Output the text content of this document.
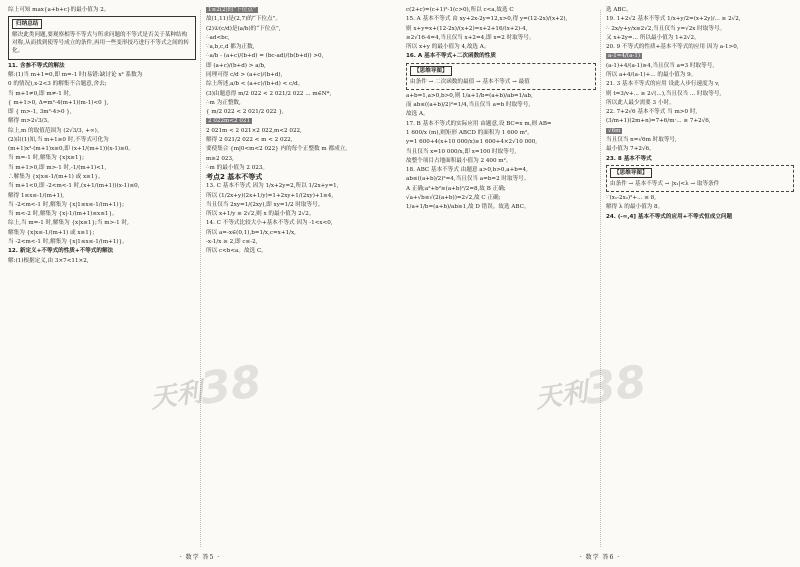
综上可知 max{a+b+c}的最小值为 2。

归纳总结

解决此类问题,要观察相等不等式与所求问题的不等式是否关于某种结构对称,从而找到使等号成立的条件,再用一些变形技巧进行不等式之间的转化。

11. 含参不等式的解法

解:(1)当 m+1=0,即 m=-1 时(易错:缺讨论 x² 系数为

0 的情况),x-2<3 的解集不合题意,舍去;

当 m+1≠0,即 m≠-1 时,

{ m+1>0, Δ=m²-4(m+1)(m-1)<0 },

即 { m>-1, 3m²-4>0 },

解得 m>2√3/3。

综上,m 的取值范围为 (2√3/3, +∞)。

(2)由(1)知,当 m+1≥0 时,不等式可化为

(m+1)x²-(m+1)x≥0,即 (x+1/(m+1))(x-1)≥0。

当 m=-1 时,解集为 {x|x≥1};

当 m+1>0,即 m>-1 时,-1/(m+1)<1,

∴解集为 {x|x≤-1/(m+1) 或 x≥1}。

当 m+1<0,即 -2<m<-1 时,(x+1/(m+1))(x-1)≤0,

解得 1≤x≤-1/(m+1),

当 -2<m<-1 时,解集为 {x|1≤x≤-1/(m+1)};

当 m<-2 时,解集为 {x|-1/(m+1)≤x≤1}。

综上,当 m=-1 时,解集为 {x|x≥1};当 m>-1 时,

解集为 {x|x≤-1/(m+1) 或 x≥1};

当 -2<m<-1 时,解集为 {x|1≤x≤-1/(m+1)}。

12. 新定义+不等式的性质+不等式的解法

解:(1)根据定义,由 3×7<11×2,

1≤2(2)的“下位点”

故(1,11)是(2,7)的“下位点”。

(2)①(c/d)是(a/b)的“下位点”,

∴ad<bc,

∵a,b,c,d 都为正数,

∴a/b - (a+c)/(b+d) = (bc-ad)/(b(b+d)) >0,

即 (a+c)/(b+d) > a/b,

同理可得 c/d > (a+c)/(b+d),

综上所述,a/b < (a+c)/(b+d) < c/d。

(3)由题意得 m/2 022 < 2 021/2 022 ... m∈N*,

∴m 为正整数,

{ m/2 022 < 2 021/2 022 },

2 022m<2 021

2 021m < 2 021×2 022,m<2 022,

解得 2 021/2 022 < m < 2 022,

要使集合 {m|0<m<2 022} 内的每个正整数 m 都成立,

m≥2 023,

∴m 的最小值为 2 023。

考点2 基本不等式

13. C 基本不等式 因为 1/x+2y=2,所以 1/2x+y=1,

所以 (1/2x+y)(2x+1/y)=1+2xy+1/(2xy)+1≥4,

当且仅当 2xy=1/(2xy),即 xy=1/2 时取等号。

所以 x+1/y ≥ 2√2,则 x 的最小值为 2√2。

14. C 不等式比较大小+基本不等式 因为 -1<x<0,

所以 a=-x∈(0,1),b=1/x,c=x+1/x,

-x-1/x ≥ 2,即 c≤-2,

所以 c<b<a。故选 C。

天利
38
· 数学 答5 ·

c(2+c)=(c+1)²-1(c>0),所以 c<a,故选 C

15. A 基本不等式 由 xy+2x-2y=12,x>0,得 y=(12-2x)/(x+2),

则 x+y=x+(12-2x)/(x+2)=x+2+16/(x+2)-4,

≥2√16-4=4,当且仅当 x+2=4,即 x=2 时取等号。

所以 x+y 的最小值为 4,故选 A。

16. A 基本不等式+二次函数的性质

【思维导图】

由条件 → 二次函数的最值 → 基本不等式 → 最值

a+b=1,a>0,b>0,则 1/a+1/b=(a+b)/ab=1/ab,

而 ab≤((a+b)/2)²=1/4,当且仅当 a=b 时取等号,

故选 A。

17. B 基本不等式的实际应用 由题意,设 BC=x m,则 AB=

1 600/x (m),则矩形 ABCD 的面积为 1 600 m²。

y=1 600+4(x+10 000/x)≥1 600+4×2√10 000,

当且仅当 x=10 000/x,即 x=100 时取等号,

故整个项目占地面积最小值为 2 400 m²。

18. ABC 基本不等式 由题意 a>0,b>0,a+b=4,

ab≤((a+b)/2)²=4,当且仅当 a=b=2 时取等号。

A 正确;a²+b²≥(a+b)²/2=8,故 B 正确;

√a+√b≤√(2(a+b))=2√2,故 C 正确;

1/a+1/b=(a+b)/ab≥1,故 D 错误。故选 ABC。

选 ABC。

19. 1+2√2 基本不等式 1/x+y/2=(x+2y)/... ≥ 2√2,

∴ 2x/y+y/x≥2√2,当且仅当 y=√2x 时取等号。

又 x+2y=... 所以最小值为 1+2√2。

20. 9 不等式的性质+基本不等式的应用 因为 a-1>0,

a-1=4/(a-1)

(a-1)+4/(a-1)≥4,当且仅当 a=3 时取等号,

所以 a+4/(a-1)+... 的最小值为 9。

21. 3 基本不等式的应用 设此人步行速度为 v,

则 t=3/v+... ≥ 2√(...),当且仅当 ... 时取等号,

所以此人最少需要 3 小时。

22. 7+2√6 基本不等式 当 m>0 时,

(3/m+1)(2m+n)=7+6/m·... ≥ 7+2√6,

√6m

当且仅当 n=√6m 时取等号,

最小值为 7+2√6。

23. 8 基本不等式

【思维导图】

由条件 → 基本不等式 → |x₁|<λ → 取等条件

∵(x₁-2x₂)²+... ≤ 8,

解得 λ 的最小值为 8。

24. (-∞,4] 基本不等式的应用+不等式恒成立问题

天利
38
· 数学 答6 ·
